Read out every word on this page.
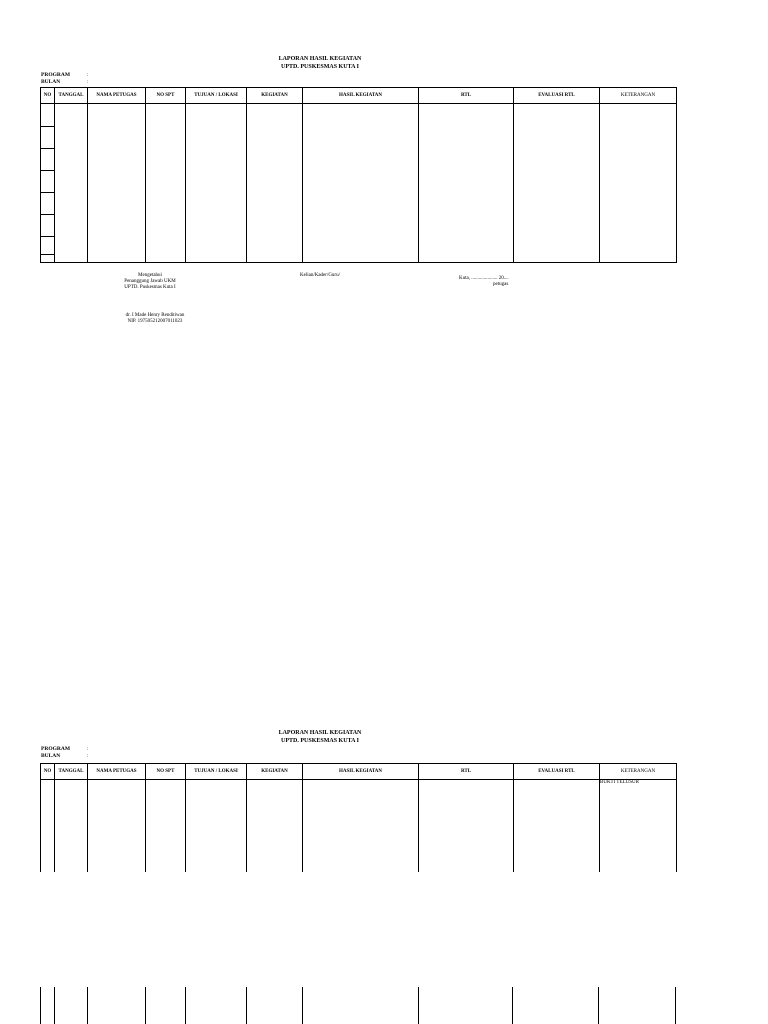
LAPORAN HASIL KEGIATAN
UPTD. PUSKESMAS KUTA I
PROGRAM	:
BULAN	:
NO	TANGGAL	NAMA PETUGAS	NO SPT	TUJUAN / LOKASI	KEGIATAN	HASIL KEGIATAN	RTL	EVALUASI RTL	KETERANGAN

Mengetahui
Penanggung Jawab UKM
UPTD. Puskesmas Kuta I
dr. I Made Henry Renditiwan
NIP. 197505212007011023
Kelian/Kader/Guru/
Kuta, ..................... 20....
petugas
LAPORAN HASIL KEGIATAN
UPTD. PUSKESMAS KUTA I
PROGRAM	:
BULAN	:
NO	TANGGAL	NAMA PETUGAS	NO SPT	TUJUAN / LOKASI	KEGIATAN	HASIL KEGIATAN	RTL	EVALUASI RTL	KETERANGAN

									BUKTI TELUSUR
